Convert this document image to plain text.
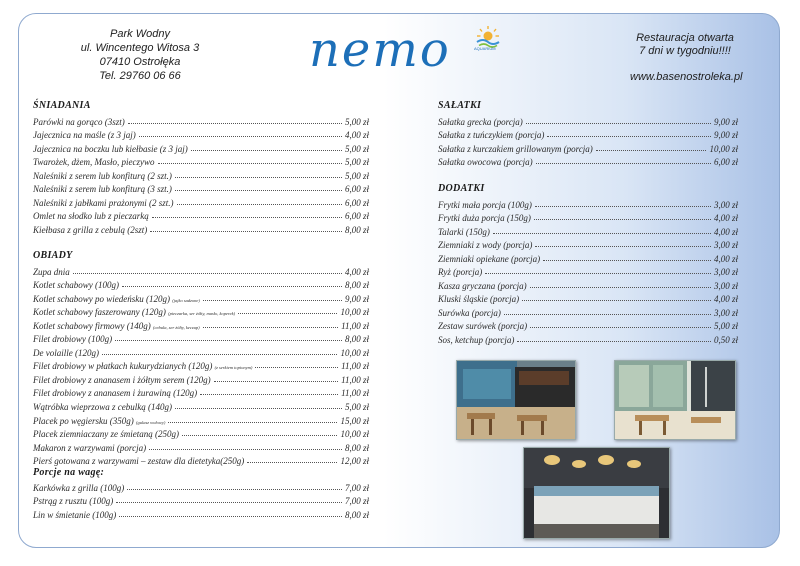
Park Wodny
ul. Wincentego Witosa 3
07410 Ostrołęka
Tel. 29760 06 66	nemo	AQUARIUM
Restauracja otwarta
7 dni w tygodniu!!!!
www.basenostroleka.pl
ŚNIADANIA
Parówki na gorąco (3szt)	5,00 zł
Jajecznica na maśle (z 3 jaj)	4,00 zł
Jajecznica na boczku lub kiełbasie (z 3 jaj)	5,00 zł
Twarożek, dżem, Masło, pieczywo	5,00 zł
Naleśniki z serem lub konfiturą (2 szt.)	5,00 zł
Naleśniki z serem lub konfiturą (3 szt.)	6,00 zł
Naleśniki z jabłkami prażonymi (2 szt.)	6,00 zł
Omlet na słodko lub z pieczarką	6,00 zł
Kiełbasa z grilla z cebulą (2szt)	8,00 zł
OBIADY
Zupa dnia	4,00 zł
Kotlet schabowy (100g)	8,00 zł
Kotlet schabowy po wiedeńsku (120g) (jajko sadzone)	9,00 zł
Kotlet schabowy faszerowany (120g) (pieczarka, ser żółty, masło, koperek)	10,00 zł
Kotlet schabowy firmowy (140g) (cebula, ser żółty, keczup)	11,00 zł
Filet drobiowy (100g)	8,00 zł
De volaille (120g)	10,00 zł
Filet drobiowy w płatkach kukurydzianych (120g) (z serkiem topionym)	11,00 zł
Filet drobiowy z ananasem i żółtym serem (120g)	11,00 zł
Filet drobiowy z ananasem i żurawiną (120g)	11,00 zł
Wątróbka wieprzowa z cebulką (140g)	5,00 zł
Placek po węgiersku (350g) (gulasz wołowy)	15,00 zł
Placek ziemniaczany ze śmietaną (250g)	10,00 zł
Makaron z warzywami (porcja)	8,00 zł
Pierś gotowana z warzywami – zestaw dla dietetyka(250g)	12,00 zł
Porcje na wagę:
Karkówka z grilla (100g)	7,00 zł
Pstrąg z rusztu (100g)	7,00 zł
Lin w śmietanie (100g)	8,00 zł
SAŁATKI
Sałatka grecka (porcja)	9,00 zł
Sałatka z tuńczykiem (porcja)	9,00 zł
Sałatka z kurczakiem grillowanym (porcja)	10,00 zł
Sałatka owocowa (porcja)	6,00 zł
DODATKI
Frytki mała porcja (100g)	3,00 zł
Frytki duża porcja (150g)	4,00 zł
Talarki (150g)	4,00 zł
Ziemniaki z wody (porcja)	3,00 zł
Ziemniaki opiekane (porcja)	4,00 zł
Ryż (porcja)	3,00 zł
Kasza gryczana (porcja)	3,00 zł
Kluski śląskie (porcja)	4,00 zł
Surówka (porcja)	3,00 zł
Zestaw surówek (porcja)	5,00 zł
Sos, ketchup (porcja)	0,50 zł
